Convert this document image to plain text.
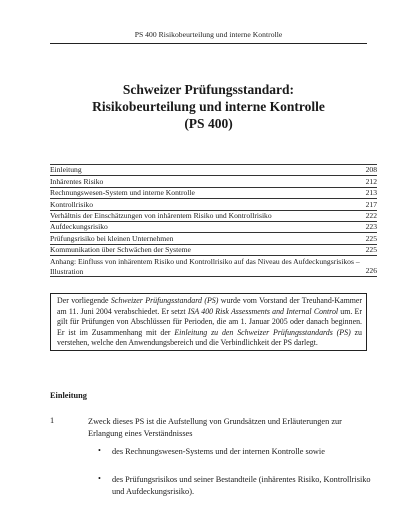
PS 400 Risikobeurteilung und interne Kontrolle
Schweizer Prüfungsstandard:
Risikobeurteilung und interne Kontrolle
(PS 400)
Einleitung	208
Inhärentes Risiko	212
Rechnungswesen-System und interne Kontrolle	213
Kontrollrisiko	217
Verhältnis der Einschätzungen von inhärentem Risiko und Kontrollrisiko	222
Aufdeckungsrisiko	223
Prüfungsrisiko bei kleinen Unternehmen	225
Kommunikation über Schwächen der Systeme	225
Anhang: Einfluss von inhärentem Risiko und Kontrollrisiko auf das Niveau des Aufdeckungsrisikos – Illustration	226

Der vorliegende Schweizer Prüfungsstandard (PS) wurde vom Vorstand der Treuhand-Kammer am 11. Juni 2004 verabschiedet. Er setzt ISA 400 Risk Assessments and Internal Control um. Er gilt für Prüfungen von Abschlüssen für Perioden, die am 1. Januar 2005 oder danach beginnen. Er ist im Zusammenhang mit der Einleitung zu den Schweizer Prüfungsstandards (PS) zu verstehen, welche den Anwendungsbereich und die Verbindlichkeit der PS darlegt.

Einleitung
1	Zweck dieses PS ist die Aufstellung von Grundsätzen und Erläuterungen zur Erlangung eines Verständnisses
• des Rechnungswesen-Systems und der internen Kontrolle sowie
• des Prüfungsrisikos und seiner Bestandteile (inhärentes Risiko, Kontrollrisiko und Aufdeckungsrisiko).
